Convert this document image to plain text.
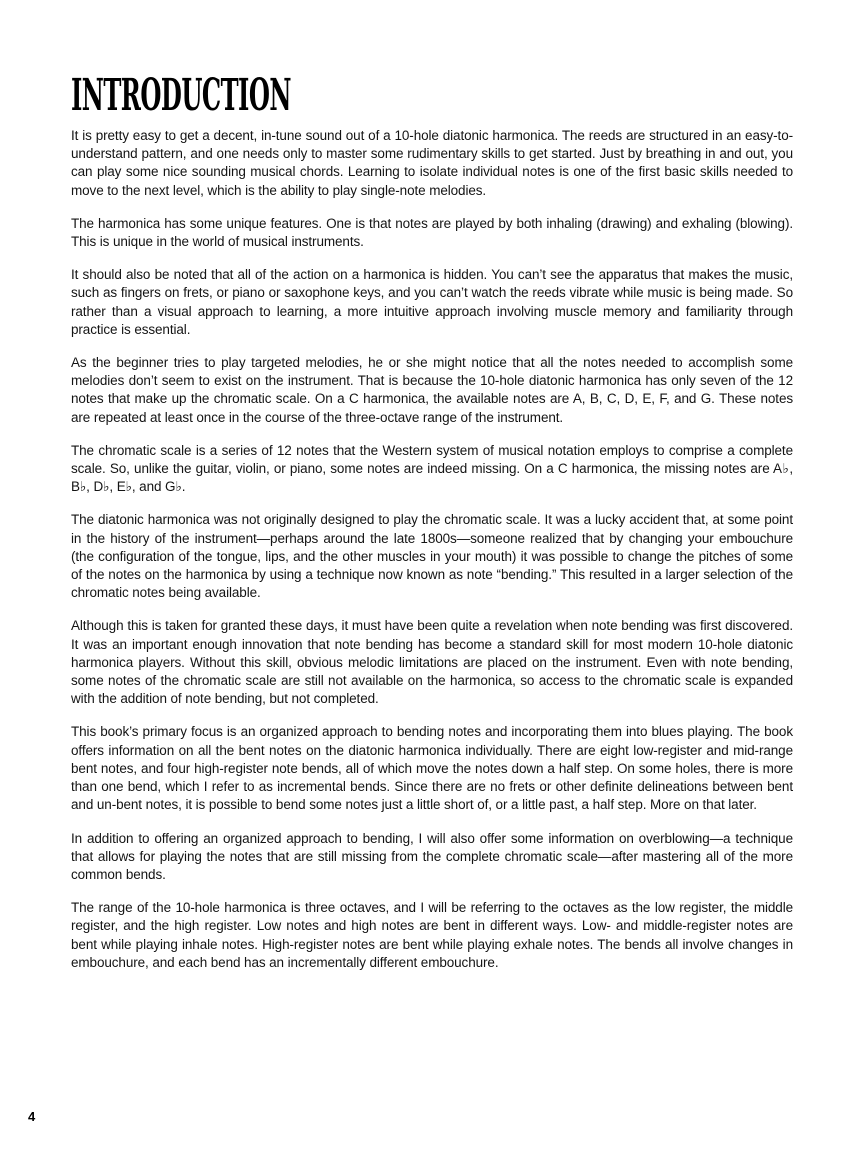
INTRODUCTION

It is pretty easy to get a decent, in-tune sound out of a 10-hole diatonic harmonica. The reeds are structured in an easy-to-understand pattern, and one needs only to master some rudimentary skills to get started. Just by breathing in and out, you can play some nice sounding musical chords. Learning to isolate individual notes is one of the first basic skills needed to move to the next level, which is the ability to play single-note melodies.

The harmonica has some unique features. One is that notes are played by both inhaling (drawing) and exhaling (blowing). This is unique in the world of musical instruments.

It should also be noted that all of the action on a harmonica is hidden. You can’t see the apparatus that makes the music, such as fingers on frets, or piano or saxophone keys, and you can’t watch the reeds vibrate while music is being made. So rather than a visual approach to learning, a more intuitive approach involving muscle memory and familiarity through practice is essential.

As the beginner tries to play targeted melodies, he or she might notice that all the notes needed to accomplish some melodies don’t seem to exist on the instrument. That is because the 10-hole diatonic harmonica has only seven of the 12 notes that make up the chromatic scale. On a C harmonica, the available notes are A, B, C, D, E, F, and G. These notes are repeated at least once in the course of the three-octave range of the instrument.

The chromatic scale is a series of 12 notes that the Western system of musical notation employs to comprise a complete scale. So, unlike the guitar, violin, or piano, some notes are indeed missing. On a C harmonica, the missing notes are A♭, B♭, D♭, E♭, and G♭.

The diatonic harmonica was not originally designed to play the chromatic scale. It was a lucky accident that, at some point in the history of the instrument—perhaps around the late 1800s—someone realized that by changing your embouchure (the configuration of the tongue, lips, and the other muscles in your mouth) it was possible to change the pitches of some of the notes on the harmonica by using a technique now known as note “bending.” This resulted in a larger selection of the chromatic notes being available.

Although this is taken for granted these days, it must have been quite a revelation when note bending was first discovered. It was an important enough innovation that note bending has become a standard skill for most modern 10-hole diatonic harmonica players. Without this skill, obvious melodic limitations are placed on the instrument. Even with note bending, some notes of the chromatic scale are still not available on the harmonica, so access to the chromatic scale is expanded with the addition of note bending, but not completed.

This book’s primary focus is an organized approach to bending notes and incorporating them into blues playing. The book offers information on all the bent notes on the diatonic harmonica individually. There are eight low-register and mid-range bent notes, and four high-register note bends, all of which move the notes down a half step. On some holes, there is more than one bend, which I refer to as incremental bends. Since there are no frets or other definite delineations between bent and un-bent notes, it is possible to bend some notes just a little short of, or a little past, a half step. More on that later.

In addition to offering an organized approach to bending, I will also offer some information on overblowing—a technique that allows for playing the notes that are still missing from the complete chromatic scale—after mastering all of the more common bends.

The range of the 10-hole harmonica is three octaves, and I will be referring to the octaves as the low register, the middle register, and the high register. Low notes and high notes are bent in different ways. Low- and middle-register notes are bent while playing inhale notes. High-register notes are bent while playing exhale notes. The bends all involve changes in embouchure, and each bend has an incrementally different embouchure.

4
